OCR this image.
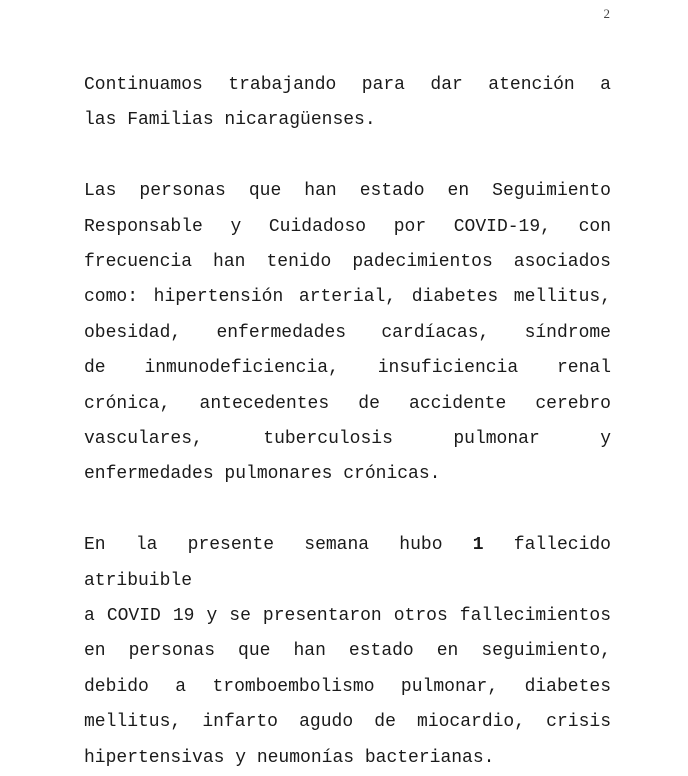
2
Continuamos trabajando para dar atención a
las Familias nicaragüenses.
Las personas que han estado en Seguimiento
Responsable y Cuidadoso por COVID-19, con
frecuencia han tenido padecimientos asociados
como: hipertensión arterial, diabetes mellitus,
obesidad, enfermedades cardíacas, síndrome
de inmunodeficiencia, insuficiencia renal
crónica, antecedentes de accidente cerebro
vasculares, tuberculosis pulmonar y
enfermedades pulmonares crónicas.
En la presente semana hubo 1 fallecido atribuible
a COVID 19 y se presentaron otros fallecimientos
en personas que han estado en seguimiento,
debido a tromboembolismo pulmonar, diabetes
mellitus, infarto agudo de miocardio, crisis
hipertensivas y neumonías bacterianas.
